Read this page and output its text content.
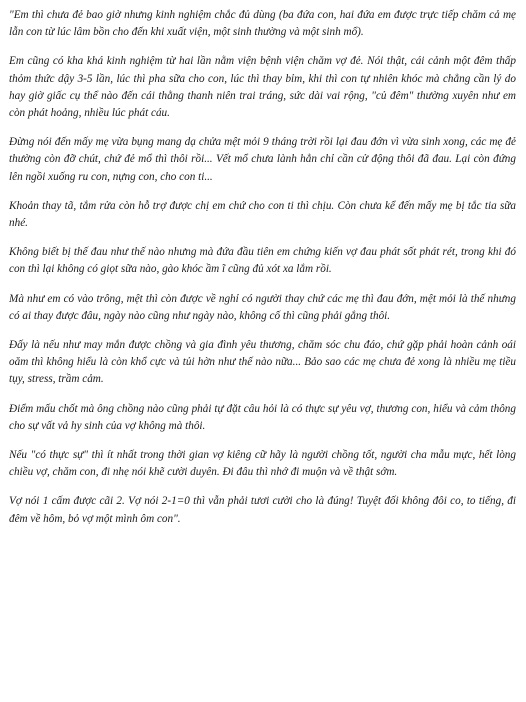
"Em thì chưa đẻ bao giờ nhưng kinh nghiệm chắc đủ dùng (ba đứa con, hai đứa em được trực tiếp chăm cả mẹ lẫn con từ lúc lâm bồn cho đến khi xuất viện, một sinh thường và một sinh mổ).

Em cũng có kha khá kinh nghiệm từ hai lần nằm viện bệnh viện chăm vợ đẻ. Nói thật, cái cảnh một đêm thấp thỏm thức dậy 3-5 lần, lúc thì pha sữa cho con, lúc thì thay bỉm, khi thì con tự nhiên khóc mà chẳng cần lý do hay giờ giấc cụ thể nào đến cái thằng thanh niên trai tráng, sức dài vai rộng, "củ đêm" thường xuyên như em còn phát hoảng, nhiều lúc phát cáu.

Đừng nói đến mấy mẹ vừa bụng mang dạ chửa mệt mỏi 9 tháng trời rồi lại đau đớn vì vừa sinh xong, các mẹ đẻ thường còn đỡ chút, chứ đẻ mổ thì thôi rồi... Vết mổ chưa lành hẳn chỉ cần cử động thôi đã đau. Lại còn đứng lên ngồi xuống ru con, nựng con, cho con ti...

Khoản thay tã, tắm rửa còn hỗ trợ được chị em chứ cho con ti thì chịu. Còn chưa kể đến mấy mẹ bị tắc tia sữa nhé.

Không biết bị thế đau như thế nào nhưng mà đứa đầu tiên em chứng kiến vợ đau phát sốt phát rét, trong khi đó con thì lại không có giọt sữa nào, gào khóc ầm ĩ cũng đủ xót xa lắm rồi.

Mà như em có vào trông, mệt thì còn được về nghỉ có người thay chứ các mẹ thì đau đớn, mệt mỏi là thế nhưng có ai thay được đâu, ngày nào cũng như ngày nào, không cố thì cũng phải gắng thôi.

Đấy là nếu như may mắn được chồng và gia đình yêu thương, chăm sóc chu đáo, chứ gặp phải hoàn cảnh oái oăm thì không hiểu là còn khổ cực và tủi hờn như thế nào nữa... Bảo sao các mẹ chưa đẻ xong là nhiều mẹ tiều tụy, stress, trầm cảm.

Điểm mấu chốt mà ông chồng nào cũng phải tự đặt câu hỏi là có thực sự yêu vợ, thương con, hiểu và cảm thông cho sự vất vả hy sinh của vợ không mà thôi.

Nếu "có thực sự" thì ít nhất trong thời gian vợ kiêng cữ hãy là người chồng tốt, người cha mẫu mực, hết lòng chiều vợ, chăm con, đi nhẹ nói khẽ cười duyên. Đi đâu thì nhớ đi muộn và về thật sớm.

Vợ nói 1 cấm được cãi 2. Vợ nói 2-1=0 thì vẫn phải tươi cười cho là đúng! Tuyệt đối không đôi co, to tiếng, đi đêm về hôm, bỏ vợ một mình ôm con".
